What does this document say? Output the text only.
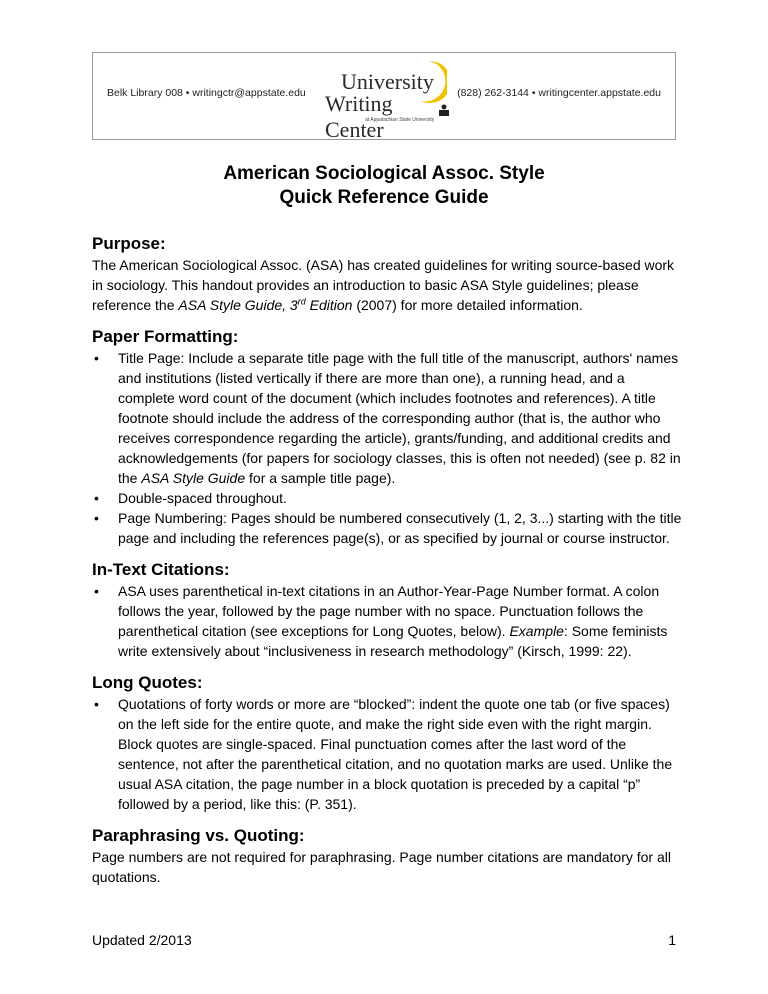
Belk Library 008 • writingctr@appstate.edu University
Writing Center
at Appalachian State University
(828) 262-3144 • writingcenter.appstate.edu
American Sociological Assoc. Style
Quick Reference Guide
Purpose:

The American Sociological Assoc. (ASA) has created guidelines for writing source-based work in sociology. This handout provides an introduction to basic ASA Style guidelines; please reference the ASA Style Guide, 3rd Edition (2007) for more detailed information.

Paper Formatting:
• Title Page: Include a separate title page with the full title of the manuscript, authors' names and institutions (listed vertically if there are more than one), a running head, and a complete word count of the document (which includes footnotes and references). A title footnote should include the address of the corresponding author (that is, the author who receives correspondence regarding the article), grants/funding, and additional credits and acknowledgements (for papers for sociology classes, this is often not needed) (see p. 82 in the ASA Style Guide for a sample title page).
• Double-spaced throughout.
• Page Numbering: Pages should be numbered consecutively (1, 2, 3...) starting with the title page and including the references page(s), or as specified by journal or course instructor.
In-Text Citations:
• ASA uses parenthetical in-text citations in an Author-Year-Page Number format. A colon follows the year, followed by the page number with no space. Punctuation follows the parenthetical citation (see exceptions for Long Quotes, below). Example: Some feminists write extensively about “inclusiveness in research methodology” (Kirsch, 1999: 22).
Long Quotes:
• Quotations of forty words or more are “blocked”: indent the quote one tab (or five spaces) on the left side for the entire quote, and make the right side even with the right margin. Block quotes are single-spaced. Final punctuation comes after the last word of the sentence, not after the parenthetical citation, and no quotation marks are used. Unlike the usual ASA citation, the page number in a block quotation is preceded by a capital “p” followed by a period, like this: (P. 351).
Paraphrasing vs. Quoting:

Page numbers are not required for paraphrasing. Page number citations are mandatory for all quotations.

Updated 2/2013	1
